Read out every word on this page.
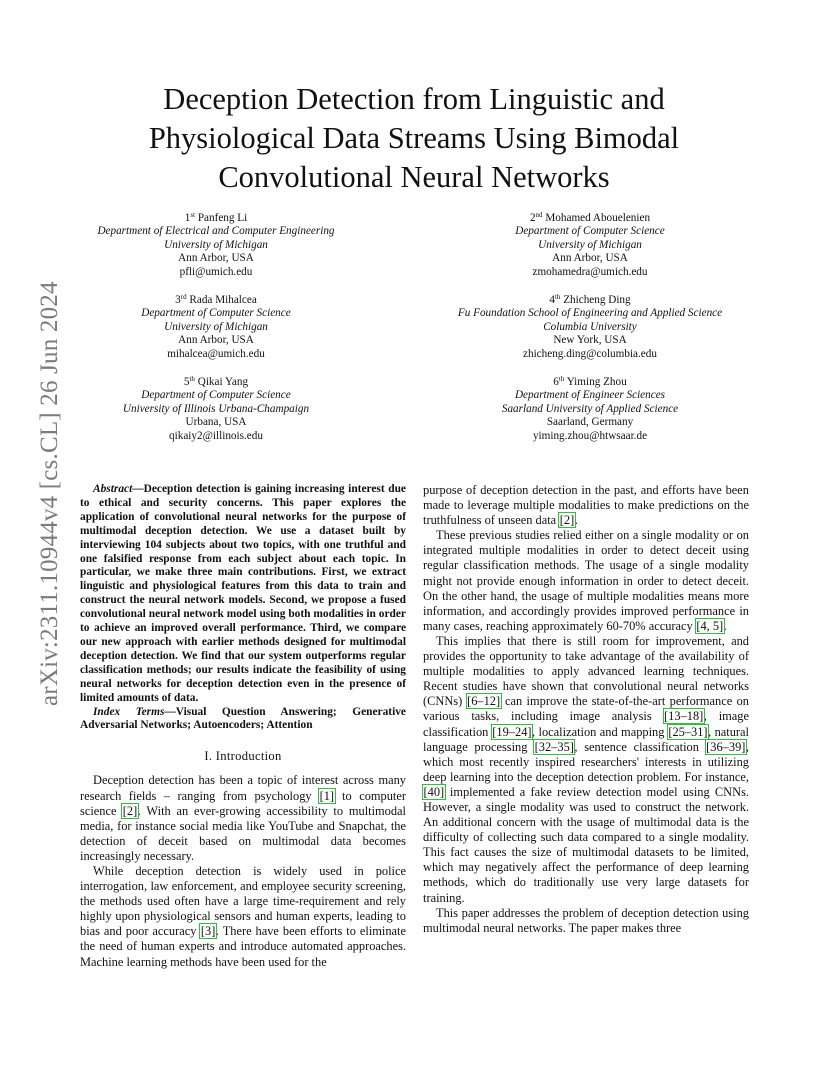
arXiv:2311.10944v4 [cs.CL] 26 Jun 2024
Deception Detection from Linguistic and
Physiological Data Streams Using Bimodal
Convolutional Neural Networks
1st Panfeng Li
Department of Electrical and Computer Engineering
University of Michigan
Ann Arbor, USA
pfli@umich.edu
2nd Mohamed Abouelenien
Department of Computer Science
University of Michigan
Ann Arbor, USA
zmohamedra@umich.edu
3rd Rada Mihalcea
Department of Computer Science
University of Michigan
Ann Arbor, USA
mihalcea@umich.edu
4th Zhicheng Ding
Fu Foundation School of Engineering and Applied Science
Columbia University
New York, USA
zhicheng.ding@columbia.edu
5th Qikai Yang
Department of Computer Science
University of Illinois Urbana-Champaign
Urbana, USA
qikaiy2@illinois.edu
6th Yiming Zhou
Department of Engineer Sciences
Saarland University of Applied Science
Saarland, Germany
yiming.zhou@htwsaar.de

Abstract—Deception detection is gaining increasing interest due to ethical and security concerns. This paper explores the application of convolutional neural networks for the purpose of multimodal deception detection. We use a dataset built by interviewing 104 subjects about two topics, with one truthful and one falsified response from each subject about each topic. In particular, we make three main contributions. First, we extract linguistic and physiological features from this data to train and construct the neural network models. Second, we propose a fused convolutional neural network model using both modalities in order to achieve an improved overall performance. Third, we compare our new approach with earlier methods designed for multimodal deception detection. We find that our system outperforms regular classification methods; our results indicate the feasibility of using neural networks for deception detection even in the presence of limited amounts of data.

Index Terms—Visual Question Answering; Generative Adversarial Networks; Autoencoders; Attention

I. Introduction

Deception detection has been a topic of interest across many research fields – ranging from psychology [1] to computer science [2]. With an ever-growing accessibility to multimodal media, for instance social media like YouTube and Snapchat, the detection of deceit based on multimodal data becomes increasingly necessary.

While deception detection is widely used in police interrogation, law enforcement, and employee security screening, the methods used often have a large time-requirement and rely highly upon physiological sensors and human experts, leading to bias and poor accuracy [3]. There have been efforts to eliminate the need of human experts and introduce automated approaches. Machine learning methods have been used for the

purpose of deception detection in the past, and efforts have been made to leverage multiple modalities to make predictions on the truthfulness of unseen data [2].

These previous studies relied either on a single modality or on integrated multiple modalities in order to detect deceit using regular classification methods. The usage of a single modality might not provide enough information in order to detect deceit. On the other hand, the usage of multiple modalities means more information, and accordingly provides improved performance in many cases, reaching approximately 60-70% accuracy [4, 5].

This implies that there is still room for improvement, and provides the opportunity to take advantage of the availability of multiple modalities to apply advanced learning techniques. Recent studies have shown that convolutional neural networks (CNNs) [6–12] can improve the state-of-the-art performance on various tasks, including image analysis [13–18], image classification [19–24], localization and mapping [25–31], natural language processing [32–35], sentence classification [36–39], which most recently inspired researchers' interests in utilizing deep learning into the deception detection problem. For instance, [40] implemented a fake review detection model using CNNs. However, a single modality was used to construct the network. An additional concern with the usage of multimodal data is the difficulty of collecting such data compared to a single modality. This fact causes the size of multimodal datasets to be limited, which may negatively affect the performance of deep learning methods, which do traditionally use very large datasets for training.

This paper addresses the problem of deception detection using multimodal neural networks. The paper makes three
